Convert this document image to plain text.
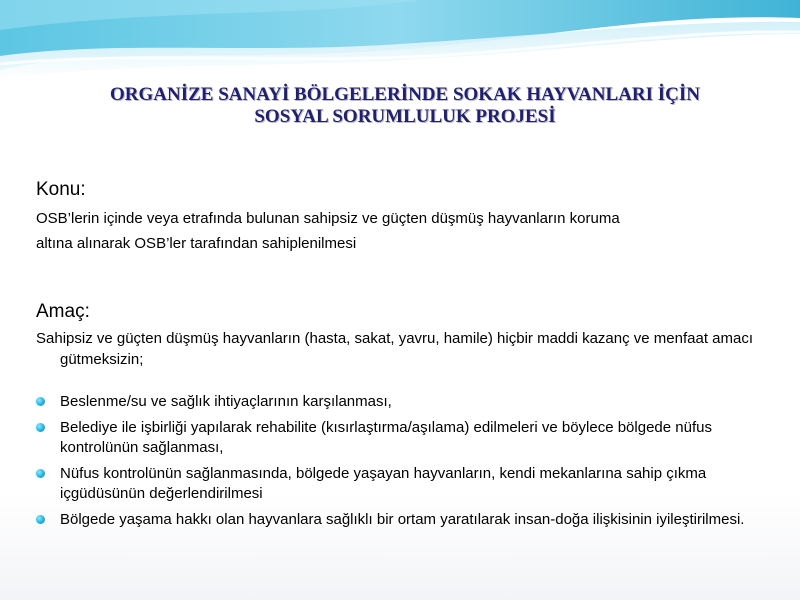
ORGANİZE SANAYİ BÖLGELERİNDE SOKAK HAYVANLARI İÇİN
SOSYAL SORUMLULUK PROJESİ
Konu:

OSB’lerin içinde veya etrafında bulunan sahipsiz ve güçten düşmüş hayvanların koruma

altına alınarak OSB’ler tarafından sahiplenilmesi

Amaç:

Sahipsiz ve güçten düşmüş hayvanların (hasta, sakat, yavru, hamile) hiçbir maddi kazanç ve menfaat amacı gütmeksizin;

Beslenme/su ve sağlık ihtiyaçlarının karşılanması,
Belediye ile işbirliği yapılarak rehabilite (kısırlaştırma/aşılama) edilmeleri ve böylece bölgede nüfus kontrolünün sağlanması,
Nüfus kontrolünün sağlanmasında, bölgede yaşayan hayvanların, kendi mekanlarına sahip çıkma içgüdüsünün değerlendirilmesi
Bölgede yaşama hakkı olan hayvanlara sağlıklı bir ortam yaratılarak insan-doğa ilişkisinin iyileştirilmesi.
